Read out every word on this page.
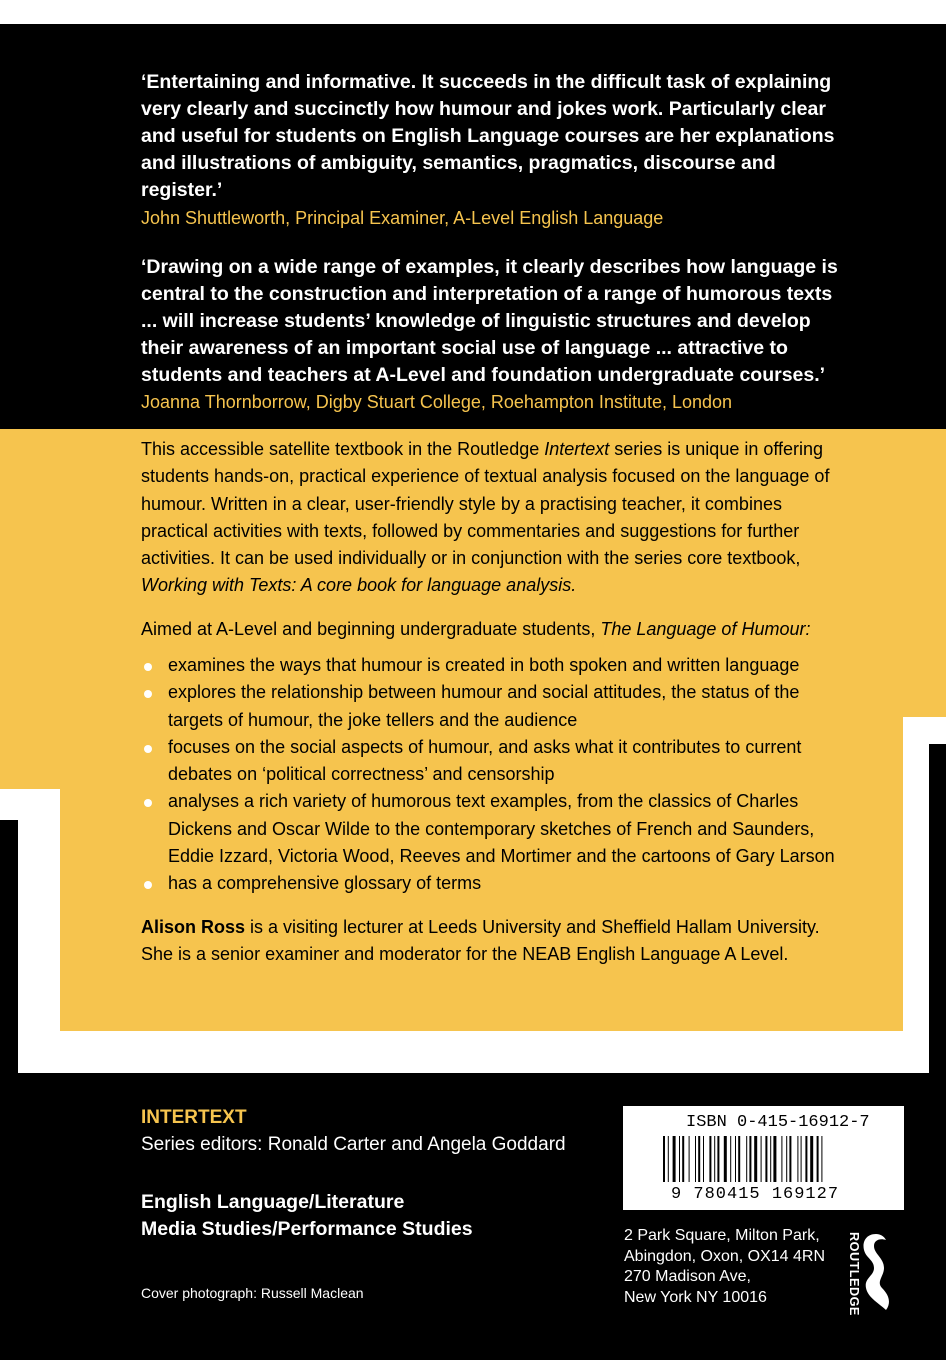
‘Entertaining and informative. It succeeds in the difficult task of explaining very clearly and succinctly how humour and jokes work. Particularly clear and useful for students on English Language courses are her explanations and illustrations of ambiguity, semantics, pragmatics, discourse and register.’

John Shuttleworth, Principal Examiner, A-Level English Language

‘Drawing on a wide range of examples, it clearly describes how language is central to the construction and interpretation of a range of humorous texts ... will increase students’ knowledge of linguistic structures and develop their awareness of an important social use of language ... attractive to students and teachers at A-Level and foundation undergraduate courses.’

Joanna Thornborrow, Digby Stuart College, Roehampton Institute, London

This accessible satellite textbook in the Routledge Intertext series is unique in offering students hands-on, practical experience of textual analysis focused on the language of humour. Written in a clear, user-friendly style by a practising teacher, it combines practical activities with texts, followed by commentaries and suggestions for further activities. It can be used individually or in conjunction with the series core textbook, Working with Texts: A core book for language analysis.

Aimed at A-Level and beginning undergraduate students, The Language of Humour:

examines the ways that humour is created in both spoken and written language
explores the relationship between humour and social attitudes, the status of the targets of humour, the joke tellers and the audience
focuses on the social aspects of humour, and asks what it contributes to current debates on ‘political correctness’ and censorship
analyses a rich variety of humorous text examples, from the classics of Charles Dickens and Oscar Wilde to the contemporary sketches of French and Saunders, Eddie Izzard, Victoria Wood, Reeves and Mortimer and the cartoons of Gary Larson
has a comprehensive glossary of terms

Alison Ross is a visiting lecturer at Leeds University and Sheffield Hallam University. She is a senior examiner and moderator for the NEAB English Language A Level.

INTERTEXT

Series editors: Ronald Carter and Angela Goddard

English Language/Literature
Media Studies/Performance Studies

Cover photograph: Russell Maclean

ISBN 0-415-16912-7

9 780415 169127

2 Park Square, Milton Park,
Abingdon, Oxon, OX14 4RN
270 Madison Ave,
New York NY 10016	ROUTLEDGE
